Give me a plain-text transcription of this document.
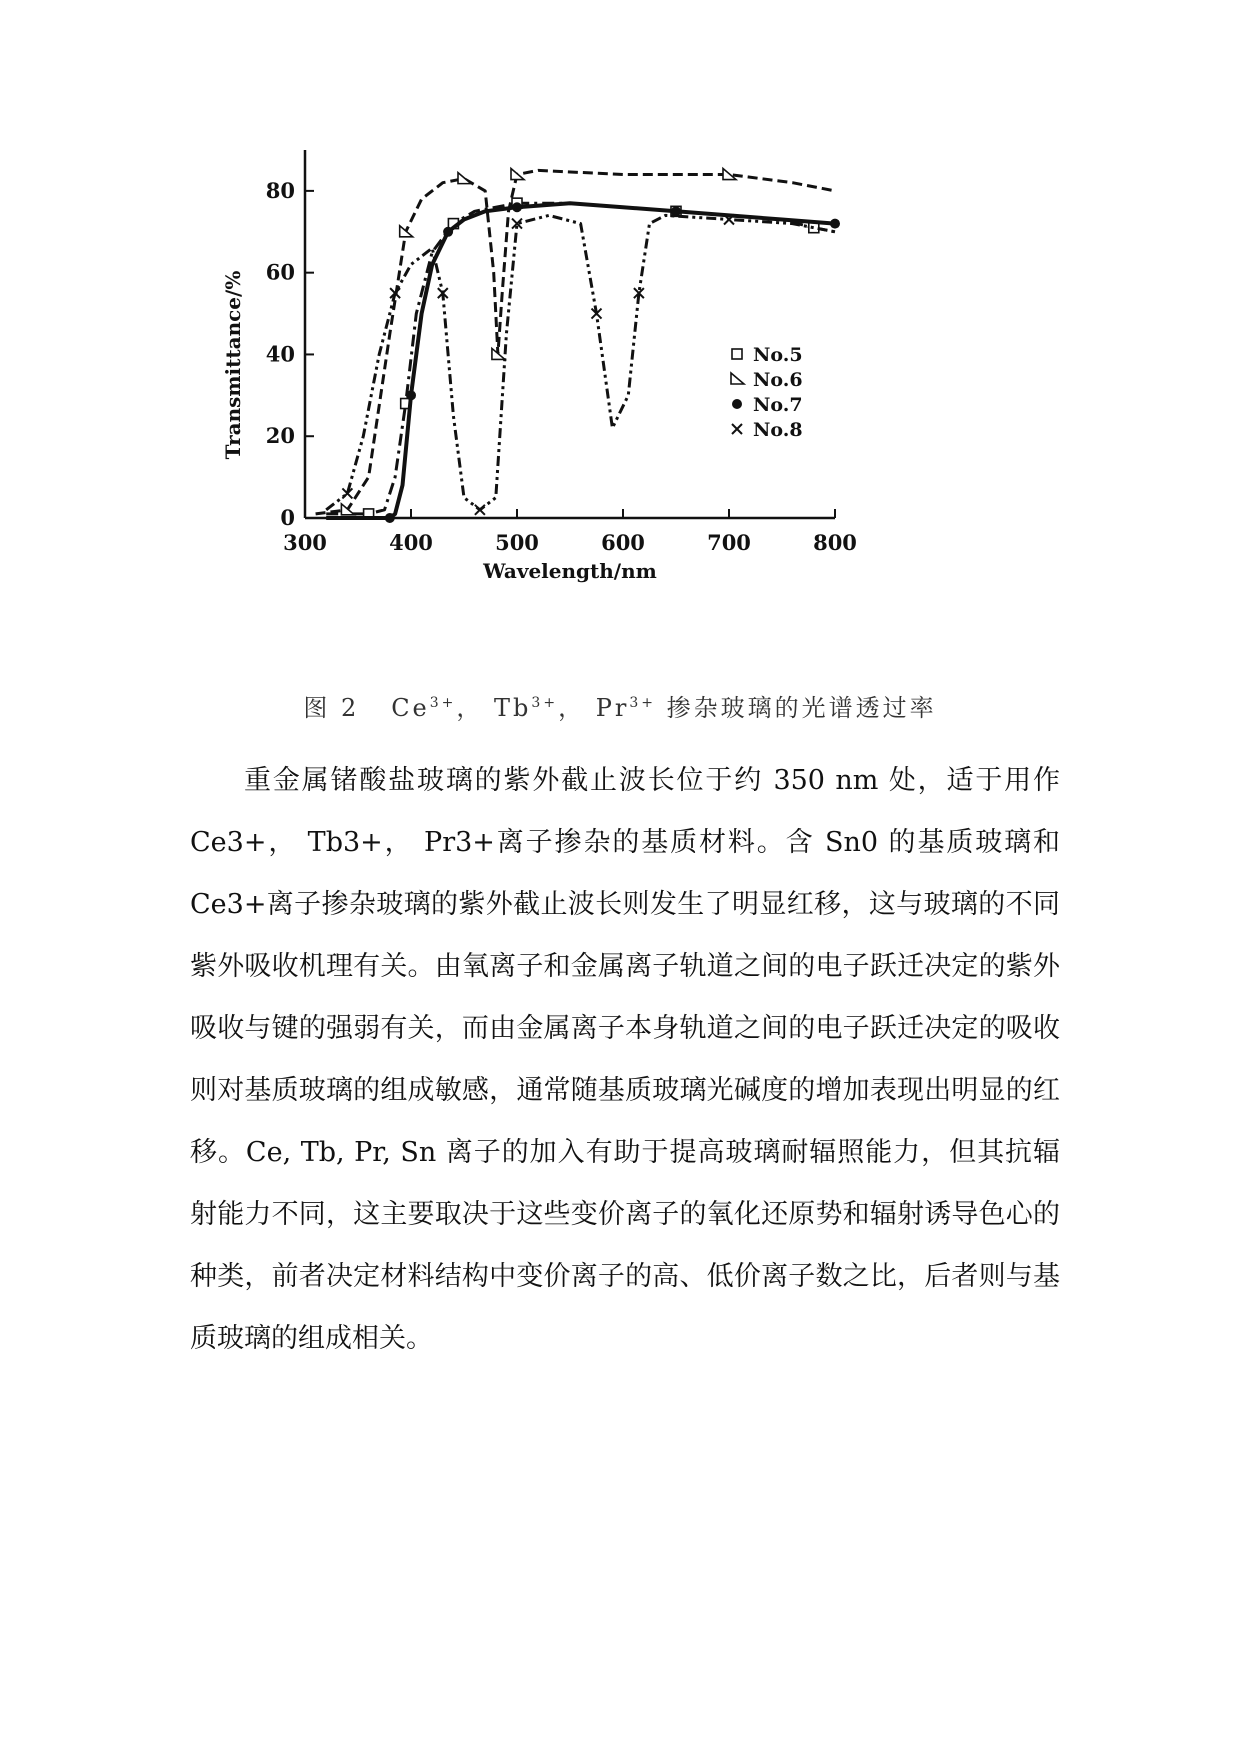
0
20
40
60
80
300	400	500	600	700	800
No.5
No.6
No.7
No.8
Wavelength/nm
Transmittance/%
图 2 $Ce^{3+}$， $Tb^{3+}$， $Pr^{3+}$ 掺杂玻璃的光谱透过率

重金属锗酸盐玻璃的紫外截止波长位于约 350 nm 处，适于用作 Ce3+， Tb3+， Pr3+离子掺杂的基质材料。含 Sn0 的基质玻璃和 Ce3+离子掺杂玻璃的紫外截止波长则发生了明显红移，这与玻璃的不同紫外吸收机理有关。由氧离子和金属离子轨道之间的电子跃迁决定的紫外吸收与键的强弱有关，而由金属离子本身轨道之间的电子跃迁决定的吸收则对基质玻璃的组成敏感，通常随基质玻璃光碱度的增加表现出明显的红移。Ce, Tb, Pr, Sn 离子的加入有助于提高玻璃耐辐照能力，但其抗辐射能力不同，这主要取决于这些变价离子的氧化还原势和辐射诱导色心的种类，前者决定材料结构中变价离子的高、低价离子数之比，后者则与基质玻璃的组成相关。
